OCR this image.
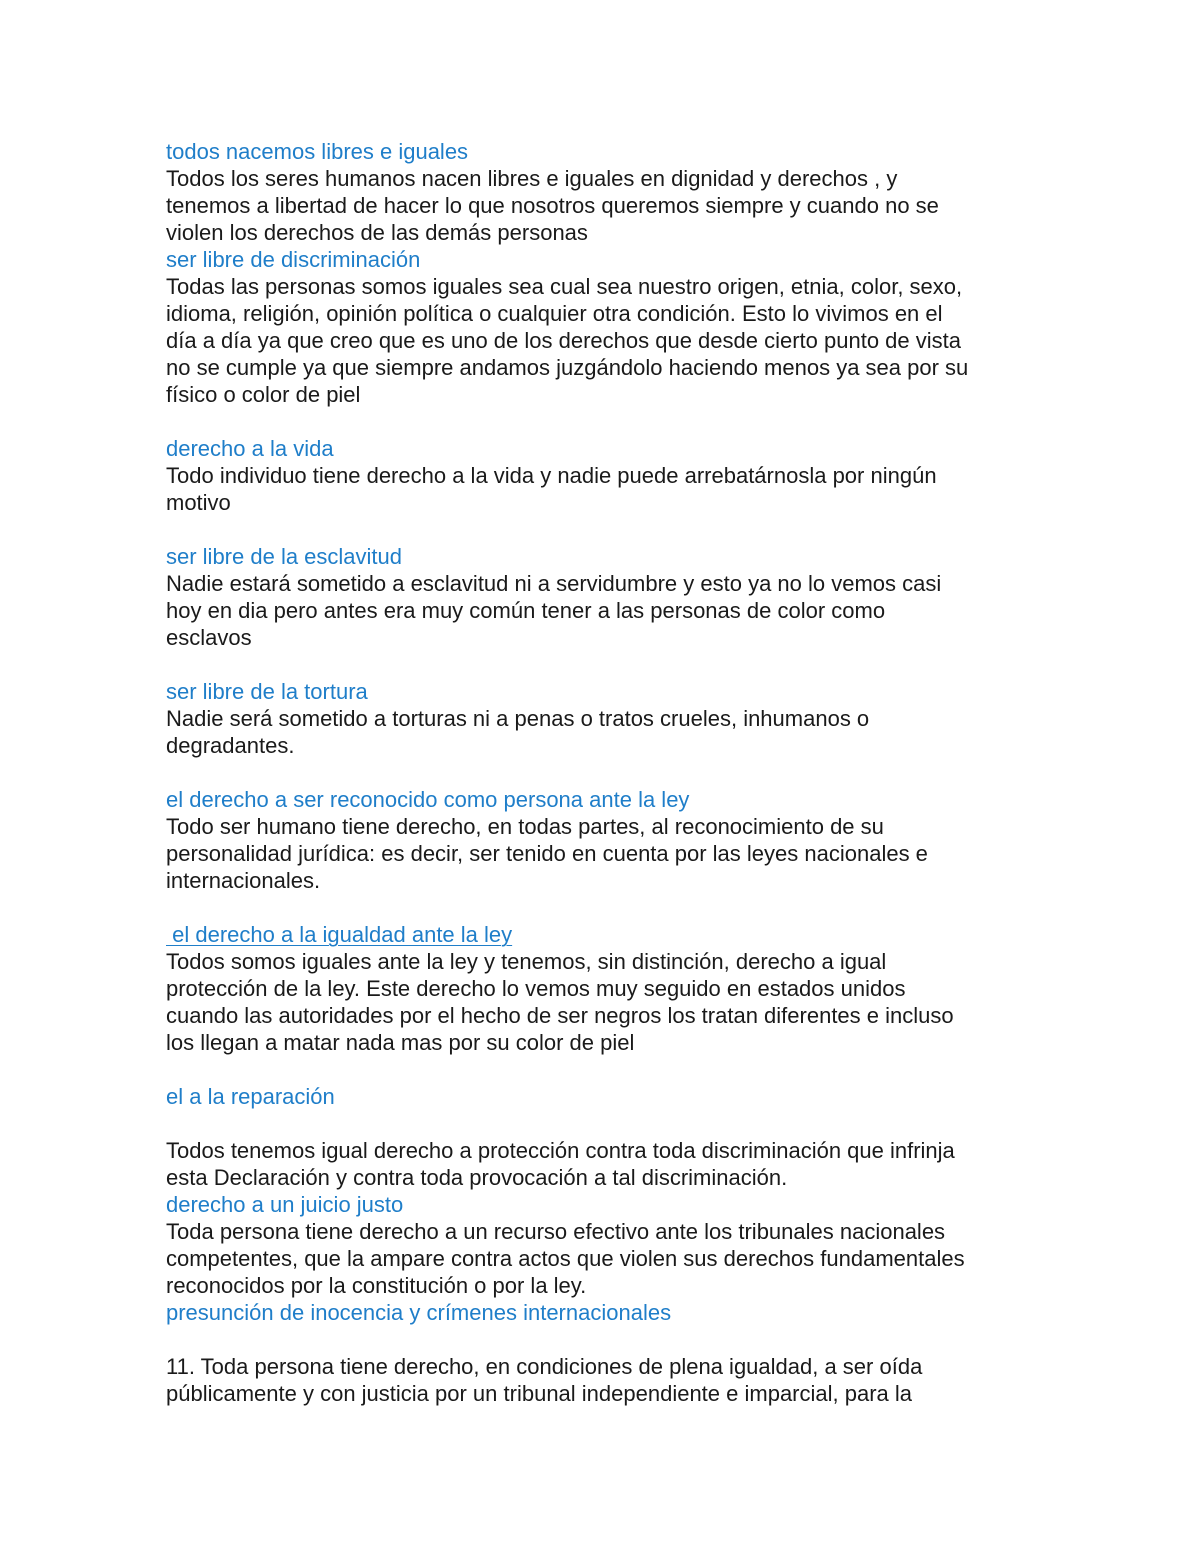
todos nacemos libres e iguales
Todos los seres humanos nacen libres e iguales en dignidad y derechos , y
tenemos a libertad de hacer lo que nosotros queremos siempre y cuando no se
violen los derechos de las demás personas
ser libre de discriminación
Todas las personas somos iguales sea cual sea nuestro origen, etnia, color, sexo,
idioma, religión, opinión política o cualquier otra condición. Esto lo vivimos en el
día a día ya que creo que es uno de los derechos que desde cierto punto de vista
no se cumple ya que siempre andamos juzgándolo haciendo menos ya sea por su
físico o color de piel
derecho a la vida
Todo individuo tiene derecho a la vida y nadie puede arrebatárnosla por ningún
motivo
ser libre de la esclavitud
Nadie estará sometido a esclavitud ni a servidumbre y esto ya no lo vemos casi
hoy en dia pero antes era muy común tener a las personas de color como
esclavos
ser libre de la tortura
Nadie será sometido a torturas ni a penas o tratos crueles, inhumanos o
degradantes.
el derecho a ser reconocido como persona ante la ley
Todo ser humano tiene derecho, en todas partes, al reconocimiento de su
personalidad jurídica: es decir, ser tenido en cuenta por las leyes nacionales e
internacionales.
el derecho a la igualdad ante la ley
Todos somos iguales ante la ley y tenemos, sin distinción, derecho a igual
protección de la ley. Este derecho lo vemos muy seguido en estados unidos
cuando las autoridades por el hecho de ser negros los tratan diferentes e incluso
los llegan a matar nada mas por su color de piel
el a la reparación
Todos tenemos igual derecho a protección contra toda discriminación que infrinja
esta Declaración y contra toda provocación a tal discriminación.
derecho a un juicio justo
Toda persona tiene derecho a un recurso efectivo ante los tribunales nacionales
competentes, que la ampare contra actos que violen sus derechos fundamentales
reconocidos por la constitución o por la ley.
presunción de inocencia y crímenes internacionales
11. Toda persona tiene derecho, en condiciones de plena igualdad, a ser oída
públicamente y con justicia por un tribunal independiente e imparcial, para la
